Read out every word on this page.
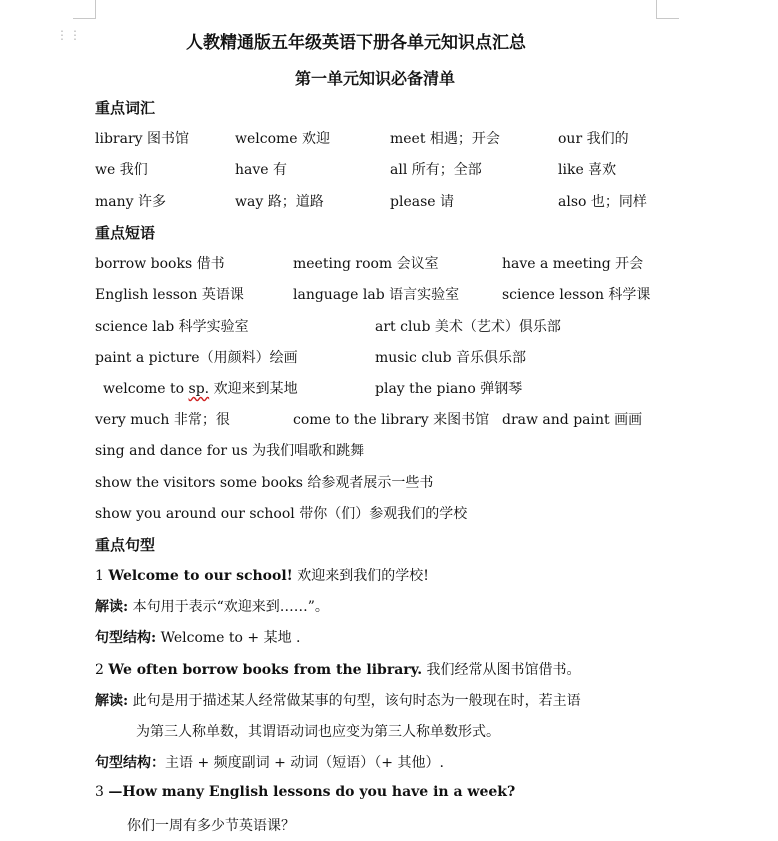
⋮⋮	人教精通版五年级英语下册各单元知识点汇总
第一单元知识必备清单
重点词汇
library 图书馆	welcome 欢迎	meet 相遇；开会	our 我们的
we 我们	have 有	all 所有；全部	like 喜欢
many 许多	way 路；道路	please 请	also 也；同样
重点短语
borrow books 借书	meeting room 会议室	have a meeting 开会
English lesson 英语课	language lab 语言实验室	science lesson 科学课
science lab 科学实验室	art club 美术（艺术）俱乐部
paint a picture（用颜料）绘画	music club 音乐俱乐部
welcome to sp. 欢迎来到某地	play the piano 弹钢琴
very much 非常；很	come to the library 来图书馆 draw and paint 画画
sing and dance for us 为我们唱歌和跳舞
show the visitors some books 给参观者展示一些书
show you around our school 带你（们）参观我们的学校
重点句型
1 Welcome to our school! 欢迎来到我们的学校!
解读: 本句用于表示“欢迎来到……”。
句型结构: Welcome to + 某地 .
2 We often borrow books from the library. 我们经常从图书馆借书。
解读: 此句是用于描述某人经常做某事的句型，该句时态为一般现在时，若主语
为第三人称单数，其谓语动词也应变为第三人称单数形式。
句型结构：主语 + 频度副词 + 动词（短语）（+ 其他）.
3 —How many English lessons do you have in a week?
你们一周有多少节英语课？
